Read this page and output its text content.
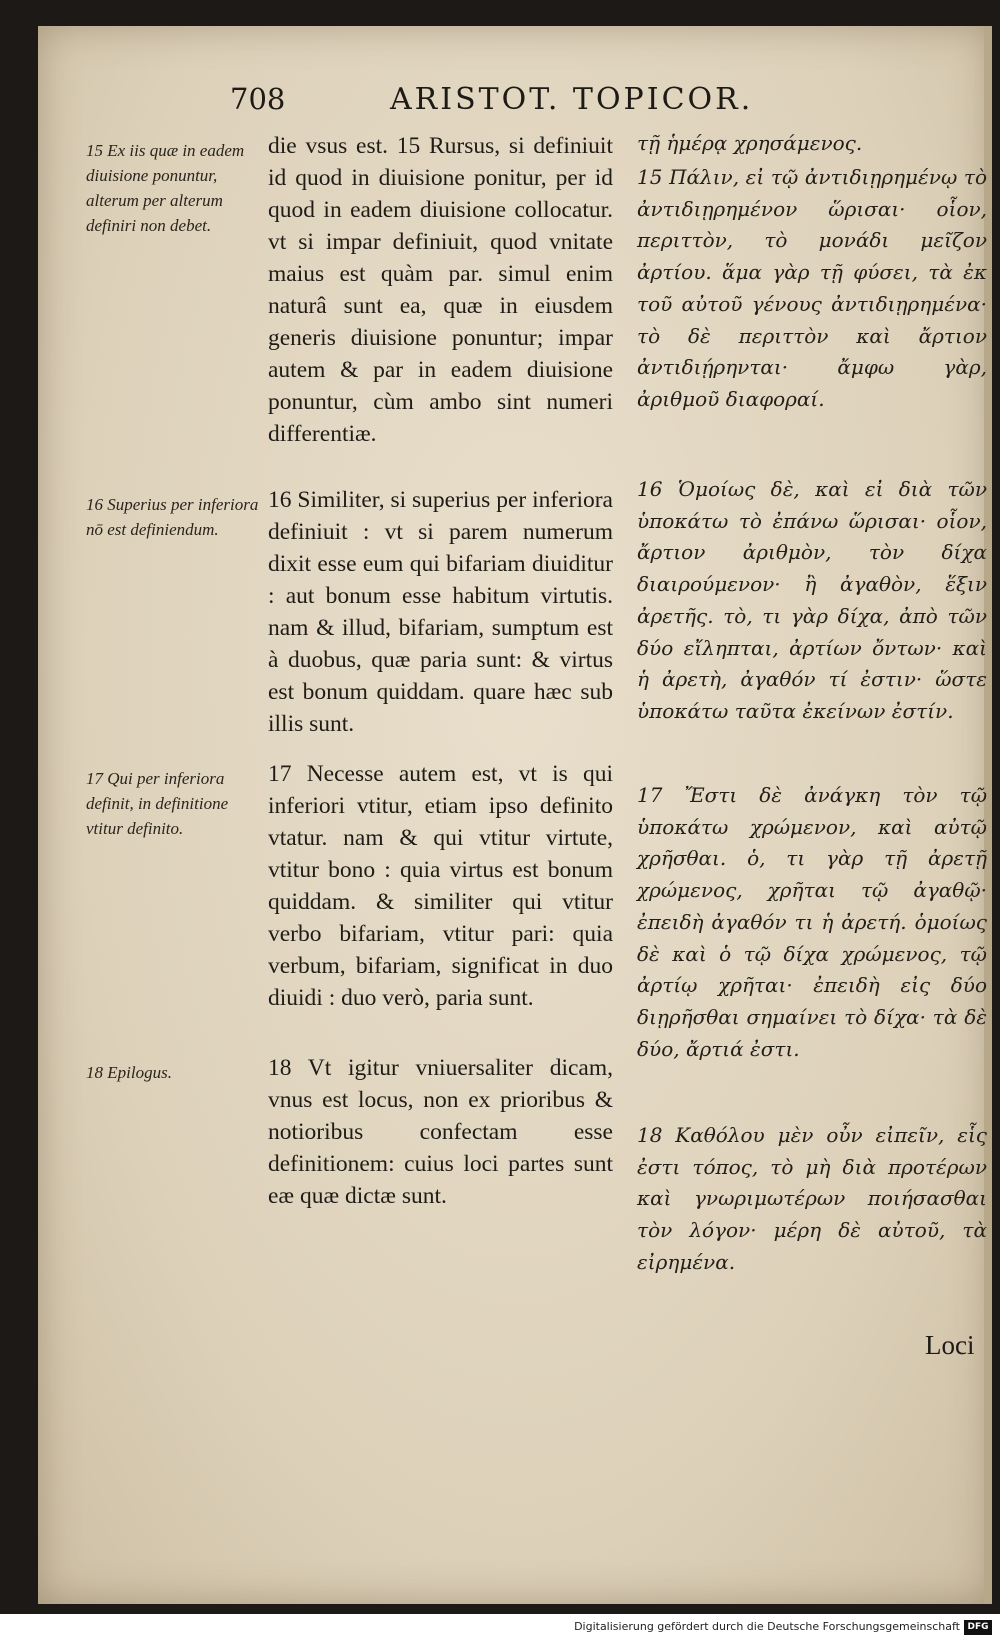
708	ARISTOT. TOPICOR.
15 Ex iis quæ in eadem diuisione ponuntur, alterum per alterum definiri non debet.
16 Superius per inferiora nō est definiendum.
17 Qui per inferiora definit, in definitione vtitur definito.
18 Epilogus.

die vsus est. 15 Rursus, si definiuit id quod in diuisione ponitur, per id quod in eadem diuisione collocatur. vt si impar definiuit, quod vnitate maius est quàm par. simul enim naturâ sunt ea, quæ in eiusdem generis diuisione ponuntur; impar autem & par in eadem diuisione ponuntur, cùm ambo sint numeri differentiæ.

16 Similiter, si superius per inferiora definiuit : vt si parem numerum dixit esse eum qui bifariam diuiditur : aut bonum esse habitum virtutis. nam & illud, bifariam, sumptum est à duobus, quæ paria sunt: & virtus est bonum quiddam. quare hæc sub illis sunt.

17 Necesse autem est, vt is qui inferiori vtitur, etiam ipso definito vtatur. nam & qui vtitur virtute, vtitur bono : quia virtus est bonum quiddam. & similiter qui vtitur verbo bifariam, vtitur pari: quia verbum, bifariam, significat in duo diuidi : duo verò, paria sunt.

18 Vt igitur vniuersaliter dicam, vnus est locus, non ex prioribus & notioribus confectam esse definitionem: cuius loci partes sunt eæ quæ dictæ sunt.

τῇ ἡμέρᾳ χρησάμενος.

15 Πάλιν, εἰ τῷ ἀντιδιῃρημένῳ τὸ ἀντιδιῃρημένον ὥρισαι· οἷον, περιττὸν, τὸ μονάδι μεῖζον ἀρτίου. ἅμα γὰρ τῇ φύσει, τὰ ἐκ τοῦ αὐτοῦ γένους ἀντιδιῃρημένα· τὸ δὲ περιττὸν καὶ ἄρτιον ἀντιδιῄρηνται· ἄμφω γὰρ, ἀριθμοῦ διαφοραί.

16 Ὁμοίως δὲ, καὶ εἰ διὰ τῶν ὑποκάτω τὸ ἐπάνω ὥρισαι· οἷον, ἄρτιον ἀριθμὸν, τὸν δίχα διαιρούμενον· ἢ ἀγαθὸν, ἕξιν ἀρετῆς. τὸ, τι γὰρ δίχα, ἀπὸ τῶν δύο εἴληπται, ἀρτίων ὄντων· καὶ ἡ ἀρετὴ, ἀγαθόν τί ἐστιν· ὥστε ὑποκάτω ταῦτα ἐκείνων ἐστίν.

17 Ἔστι δὲ ἀνάγκη τὸν τῷ ὑποκάτω χρώμενον, καὶ αὐτῷ χρῆσθαι. ὁ, τι γὰρ τῇ ἀρετῇ χρώμενος, χρῆται τῷ ἀγαθῷ· ἐπειδὴ ἀγαθόν τι ἡ ἀρετή. ὁμοίως δὲ καὶ ὁ τῷ δίχα χρώμενος, τῷ ἀρτίῳ χρῆται· ἐπειδὴ εἰς δύο διῃρῆσθαι σημαίνει τὸ δίχα· τὰ δὲ δύο, ἄρτιά ἐστι.

18 Καθόλου μὲν οὖν εἰπεῖν, εἷς ἐστι τόπος, τὸ μὴ διὰ προτέρων καὶ γνωριμωτέρων ποιήσασθαι τὸν λόγον· μέρη δὲ αὐτοῦ, τὰ εἰρημένα.

Loci
Digitalisierung gefördert durch die Deutsche Forschungsgemeinschaft DFG
